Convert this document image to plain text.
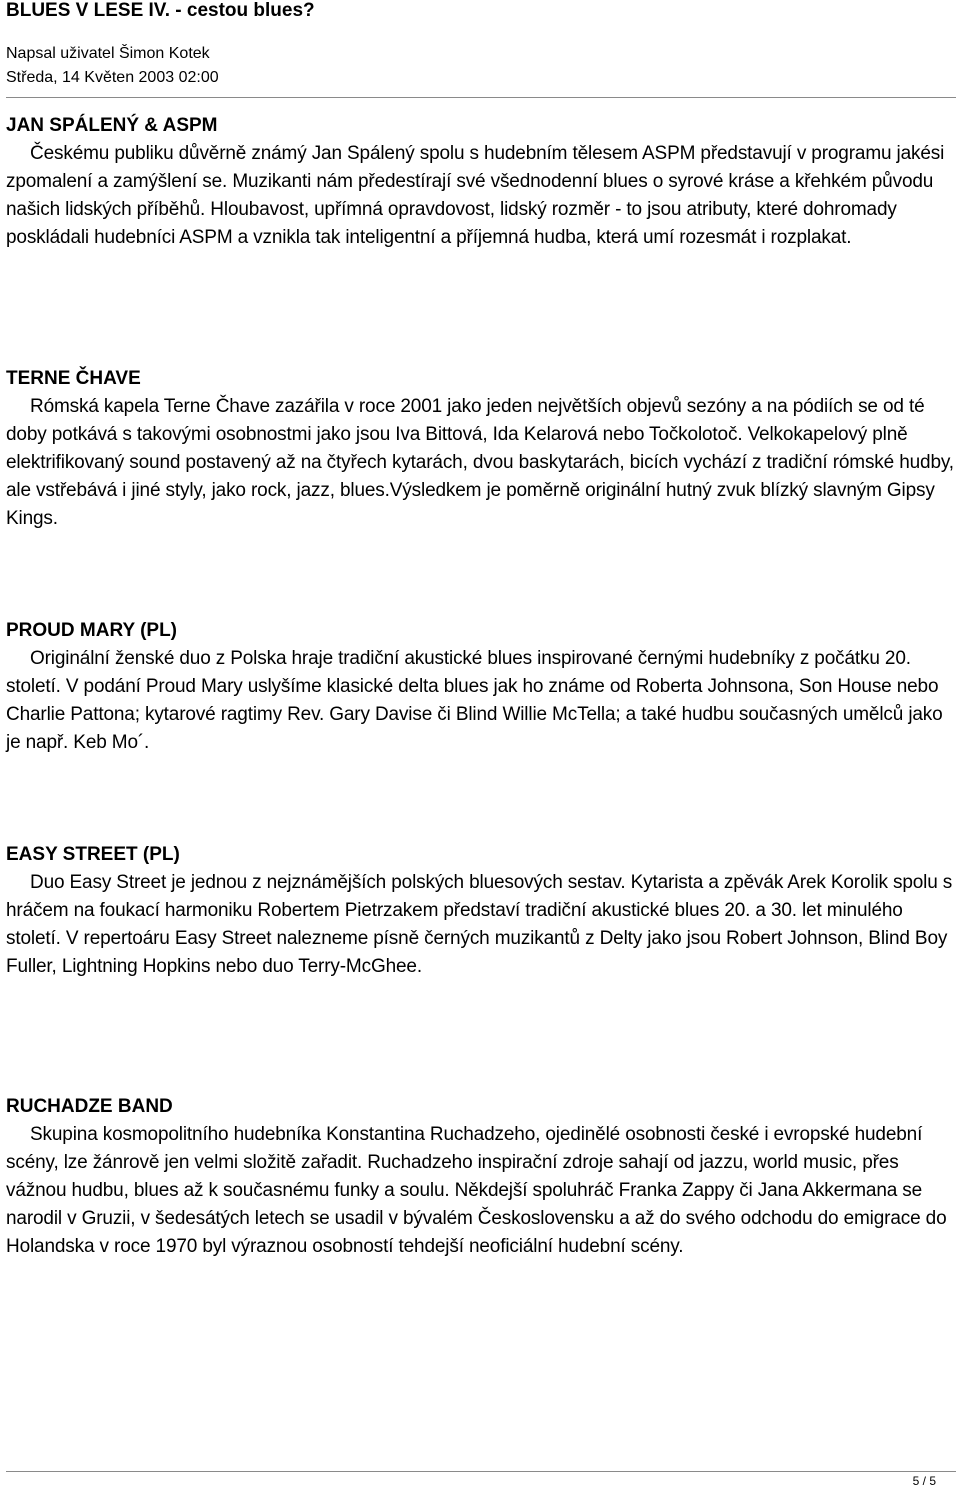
BLUES V LESE IV. - cestou blues?
Napsal uživatel Šimon Kotek
Středa, 14 Květen 2003 02:00
JAN SPÁLENÝ & ASPM

Českému publiku důvěrně známý Jan Spálený spolu s hudebním tělesem ASPM představují v programu jakési zpomalení a zamýšlení se. Muzikanti nám předestírají své všednodenní blues o syrové kráse a křehkém původu našich lidských příběhů. Hloubavost, upřímná opravdovost, lidský rozměr - to jsou atributy, které dohromady poskládali hudebníci ASPM a vznikla tak inteligentní a příjemná hudba, která umí rozesmát i rozplakat.

TERNE ČHAVE

Rómská kapela Terne Čhave zazářila v roce 2001 jako jeden největších objevů sezóny a na pódiích se od té doby potkává s takovými osobnostmi jako jsou Iva Bittová, Ida Kelarová nebo Točkolotoč. Velkokapelový plně elektrifikovaný sound postavený až na čtyřech kytarách, dvou baskytarách, bicích vychází z tradiční rómské hudby, ale vstřebává i jiné styly, jako rock, jazz, blues.Výsledkem je poměrně originální hutný zvuk blízký slavným Gipsy Kings.

PROUD MARY (PL)

Originální ženské duo z Polska hraje tradiční akustické blues inspirované černými hudebníky z počátku 20. století. V podání Proud Mary uslyšíme klasické delta blues jak ho známe od Roberta Johnsona, Son House nebo Charlie Pattona; kytarové ragtimy Rev. Gary Davise či Blind Willie McTella; a také hudbu současných umělců jako je např. Keb Mo´.

EASY STREET (PL)

Duo Easy Street je jednou z nejznámějších polských bluesových sestav. Kytarista a zpěvák Arek Korolik spolu s hráčem na foukací harmoniku Robertem Pietrzakem představí tradiční akustické blues 20. a 30. let minulého století. V repertoáru Easy Street nalezneme písně černých muzikantů z Delty jako jsou Robert Johnson, Blind Boy Fuller, Lightning Hopkins nebo duo Terry-McGhee.

RUCHADZE BAND

Skupina kosmopolitního hudebníka Konstantina Ruchadzeho, ojedinělé osobnosti české i evropské hudební scény, lze žánrově jen velmi složitě zařadit. Ruchadzeho inspirační zdroje sahají od jazzu, world music, přes vážnou hudbu, blues až k současnému funky a soulu. Někdejší spoluhráč Franka Zappy či Jana Akkermana se narodil v Gruzii, v šedesátých letech se usadil v bývalém Československu a až do svého odchodu do emigrace do Holandska v roce 1970 byl výraznou osobností tehdejší neoficiální hudební scény.

5 / 5
